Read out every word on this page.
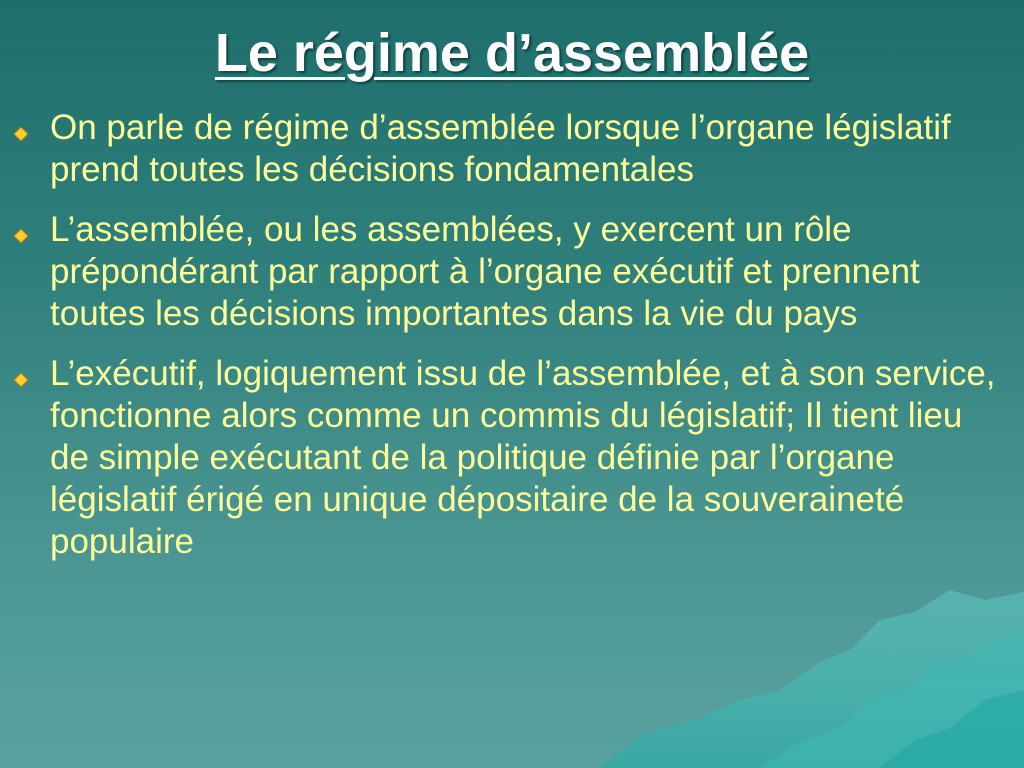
Le régime d’assemblée
On parle de régime d’assemblée lorsque l’organe législatif prend toutes les décisions fondamentales
L’assemblée, ou les assemblées, y exercent un rôle prépondérant par rapport à l’organe exécutif et prennent toutes les décisions importantes dans la vie du pays
L’exécutif, logiquement issu de l’assemblée, et à son service, fonctionne alors comme un commis du législatif; Il tient lieu de simple exécutant de la politique définie par l’organe législatif érigé en unique dépositaire de la souveraineté populaire
